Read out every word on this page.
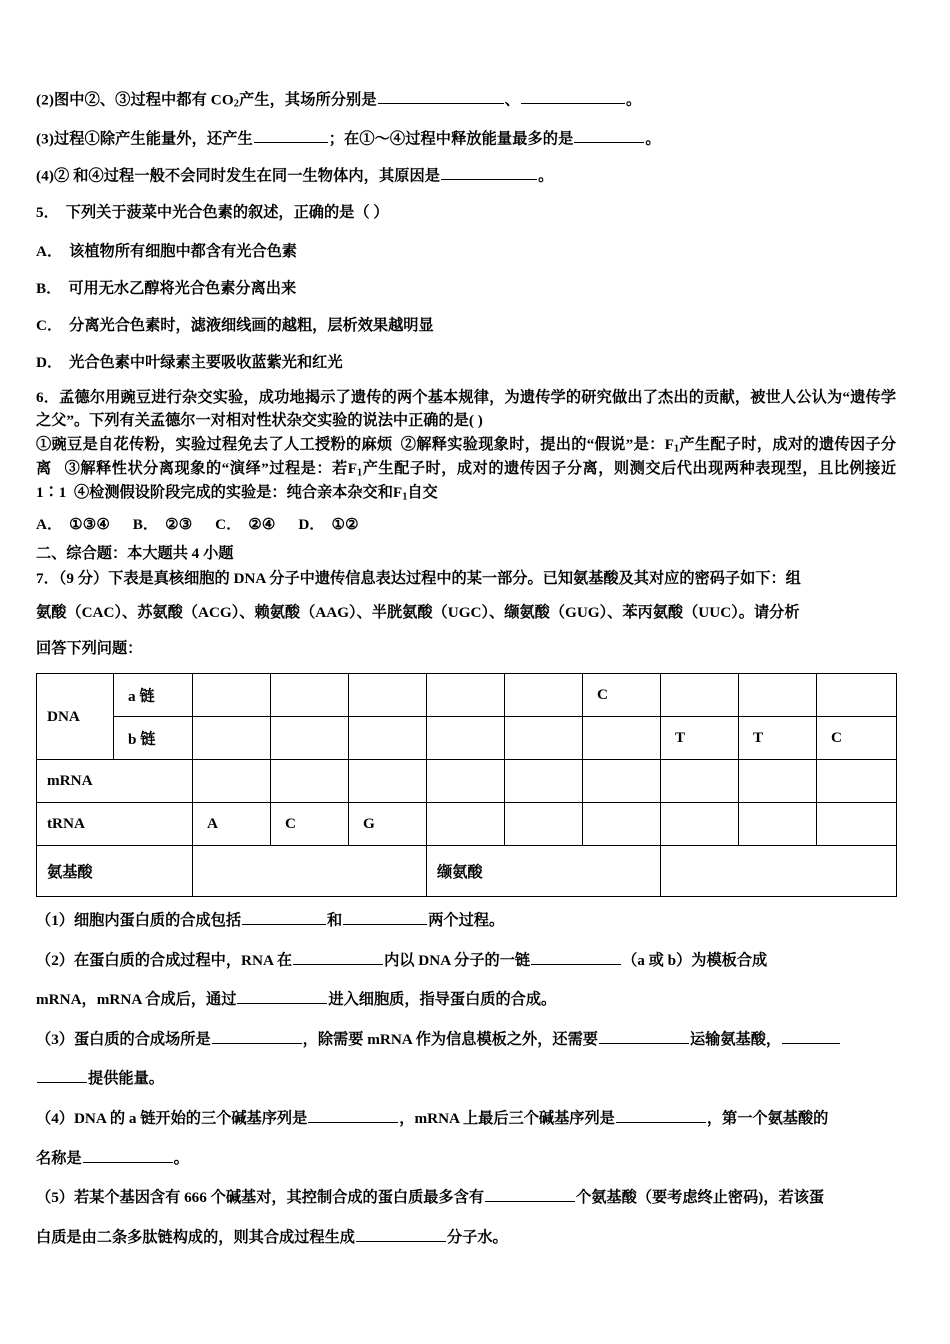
(2)图中②、③过程中都有 $CO_2$产生，其场所分别是	、	。
(3)过程①除产生能量外，还产生	；在①～④过程中释放能量最多的是	。
(4)② 和④过程一般不会同时发生在同一生物体内，其原因是	。
5． 下列关于菠菜中光合色素的叙述，正确的是（ ）
A． 该植物所有细胞中都含有光合色素
B． 可用无水乙醇将光合色素分离出来
C． 分离光合色素时，滤液细线画的越粗，层析效果越明显
D． 光合色素中叶绿素主要吸收蓝紫光和红光
6．孟德尔用豌豆进行杂交实验，成功地揭示了遗传的两个基本规律，为遗传学的研究做出了杰出的贡献，被世人公认为“遗传学之父”。下列有关孟德尔一对相对性状杂交实验的说法中正确的是( )
①豌豆是自花传粉，实验过程免去了人工授粉的麻烦 ②解释实验现象时，提出的“假说”是：$F_1$产生配子时，成对的遗传因子分离 ③解释性状分离现象的“演绎”过程是：若$F_1$产生配子时，成对的遗传因子分离，则测交后代出现两种表现型，且比例接近1∶1 ④检测假设阶段完成的实验是：纯合亲本杂交和$F_1$自交
A． ①③④ B． ②③ C． ②④ D． ①②
二、综合题：本大题共 4 小题
7．（9 分）下表是真核细胞的 DNA 分子中遗传信息表达过程中的某一部分。已知氨基酸及其对应的密码子如下：组
氨酸（CAC）、苏氨酸（ACG）、赖氨酸（AAG）、半胱氨酸（UGC）、缬氨酸（GUG）、苯丙氨酸（UUC）。请分析
回答下列问题：
DNA	a 链						C			
	b 链							T	T	C
mRNA										
tRNA		A	C	G						
氨基酸					缬氨酸					
（1）细胞内蛋白质的合成包括	和	两个过程。
（2）在蛋白质的合成过程中，RNA 在	内以 DNA 分子的一链	（a 或 b）为模板合成
mRNA，mRNA 合成后，通过	进入细胞质，指导蛋白质的合成。
（3）蛋白质的合成场所是	，除需要 mRNA 作为信息模板之外，还需要	运输氨基酸，
提供能量。
（4）DNA 的 a 链开始的三个碱基序列是	，mRNA 上最后三个碱基序列是	，第一个氨基酸的
名称是	。
（5）若某个基因含有 666 个碱基对，其控制合成的蛋白质最多含有	个氨基酸（要考虑终止密码)，若该蛋
白质是由二条多肽链构成的，则其合成过程生成	分子水。
